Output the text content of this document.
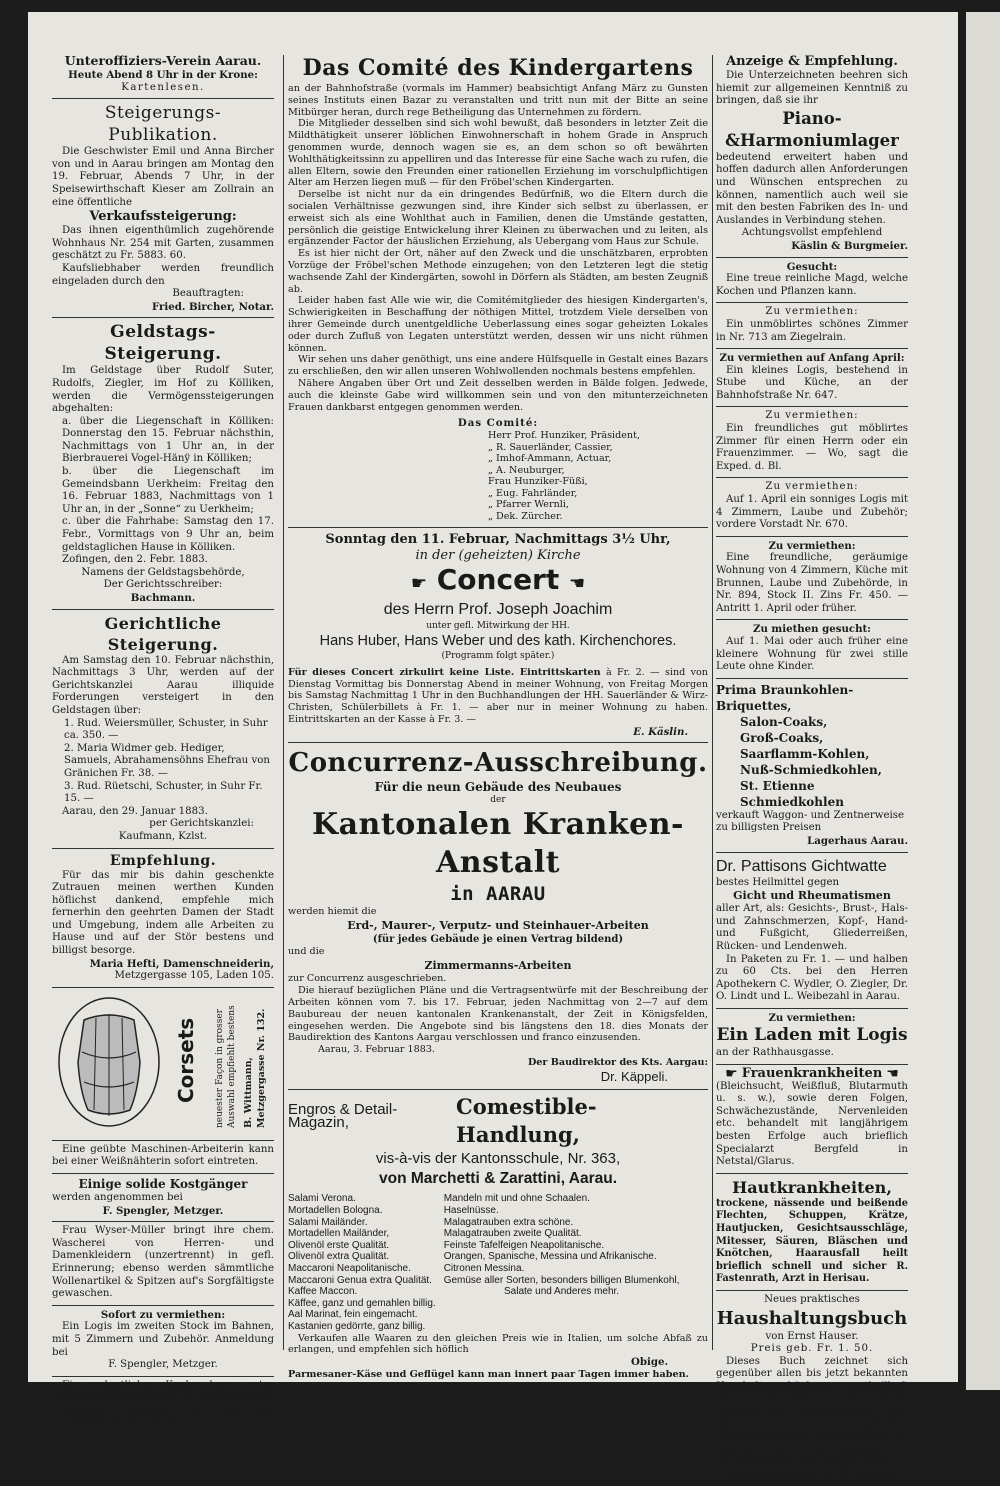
Unteroffiziers-Verein Aarau.
Heute Abend 8 Uhr in der Krone:
Kartenlesen.
Steigerungs-Publikation.

Die Geschwister Emil und Anna Bircher von und in Aarau bringen am Montag den 19. Februar, Abends 7 Uhr, in der Speisewirthschaft Kieser am Zollrain an eine öffentliche

Verkaufssteigerung:

Das ihnen eigenthümlich zugehörende Wohnhaus Nr. 254 mit Garten, zusammen geschätzt zu Fr. 5883. 60.

Kaufsliebhaber werden freundlich eingeladen durch den

Beauftragten:
Fried. Bircher, Notar.
Geldstags-Steigerung.

Im Geldstage über Rudolf Suter, Rudolfs, Ziegler, im Hof zu Kölliken, werden die Vermögenssteigerungen abgehalten:

a. über die Liegenschaft in Kölliken: Donnerstag den 15. Februar nächsthin, Nachmittags von 1 Uhr an, in der Bierbrauerei Vogel-Hänÿ in Kölliken;

b. über die Liegenschaft im Gemeindsbann Uerkheim: Freitag den 16. Februar 1883, Nachmittags von 1 Uhr an, in der „Sonne“ zu Uerkheim;

c. über die Fahrhabe: Samstag den 17. Febr., Vormittags von 9 Uhr an, beim geldstaglichen Hause in Kölliken.

Zofingen, den 2. Febr. 1883.
Namens der Geldstagsbehörde,
Der Gerichtsschreiber:
Bachmann.
Gerichtliche Steigerung.

Am Samstag den 10. Februar nächsthin, Nachmittags 3 Uhr, werden auf der Gerichtskanzlei Aarau illiquide Forderungen versteigert in den Geldstagen über:

1. Rud. Weiersmüller, Schuster, in Suhr ca. 350. —

2. Maria Widmer geb. Hediger, Samuels, Abrahamensöhns Ehefrau von Gränichen Fr. 38. —

3. Rud. Rüetschi, Schuster, in Suhr Fr. 15. —

Aarau, den 29. Januar 1883.
per Gerichtskanzlei:
Kaufmann, Kzlst.
Empfehlung.

Für das mir bis dahin geschenkte Zutrauen meinen werthen Kunden höflichst dankend, empfehle mich fernerhin den geehrten Damen der Stadt und Umgebung, indem alle Arbeiten zu Hause und auf der Stör bestens und billigst besorge.

Maria Hefti, Damenschneiderin,
Metzgergasse 105, Laden 105.
Corsets	neuester Façon in grosser Auswahl empfiehlt bestens B. Wittmann, Metzgergasse Nr. 132.

Eine geübte Maschinen-Arbeiterin kann bei einer Weißnähterin sofort eintreten.

Einige solide Kostgänger
werden angenommen bei
F. Spengler, Metzger.

Frau Wyser-Müller bringt ihre chem. Wascherei von Herren- und Damenkleidern (unzertrennt) in gefl. Erinnerung; ebenso werden sämmtliche Wollenartikel & Spitzen auf's Sorgfältigste gewaschen.

Sofort zu vermiethen:

Ein Logis im zweiten Stock im Bahnen, mit 5 Zimmern und Zubehör. Anmeldung bei

F. Spengler, Metzger.

Ein ordentlicher Knabe kann unter günstigen Bedingungen die Schuhmacher-Profession erlernen. Wo, sagt die Expedition dieses Blattes.

Das Comité des Kindergartens

an der Bahnhofstraße (vormals im Hammer) beabsichtigt Anfang März zu Gunsten seines Instituts einen Bazar zu veranstalten und tritt nun mit der Bitte an seine Mitbürger heran, durch rege Betheiligung das Unternehmen zu fördern.

Die Mitglieder desselben sind sich wohl bewußt, daß besonders in letzter Zeit die Mildthätigkeit unserer löblichen Einwohnerschaft in hohem Grade in Anspruch genommen wurde, dennoch wagen sie es, an dem schon so oft bewährten Wohlthätigkeitssinn zu appelliren und das Interesse für eine Sache wach zu rufen, die allen Eltern, sowie den Freunden einer rationellen Erziehung im vorschulpflichtigen Alter am Herzen liegen muß — für den Fröbel'schen Kindergarten.

Derselbe ist nicht nur da ein dringendes Bedürfniß, wo die Eltern durch die socialen Verhältnisse gezwungen sind, ihre Kinder sich selbst zu überlassen, er erweist sich als eine Wohlthat auch in Familien, denen die Umstände gestatten, persönlich die geistige Entwickelung ihrer Kleinen zu überwachen und zu leiten, als ergänzender Factor der häuslichen Erziehung, als Uebergang vom Haus zur Schule.

Es ist hier nicht der Ort, näher auf den Zweck und die unschätzbaren, erprobten Vorzüge der Fröbel'schen Methode einzugehen; von den Letzteren legt die stetig wachsende Zahl der Kindergärten, sowohl in Dörfern als Städten, am besten Zeugniß ab.

Leider haben fast Alle wie wir, die Comitémitglieder des hiesigen Kindergarten's, Schwierigkeiten in Beschaffung der nöthigen Mittel, trotzdem Viele derselben von ihrer Gemeinde durch unentgeldliche Ueberlassung eines sogar geheizten Lokales oder durch Zufluß von Legaten unterstützt werden, dessen wir uns nicht rühmen können.

Wir sehen uns daher genöthigt, uns eine andere Hülfsquelle in Gestalt eines Bazars zu erschließen, den wir allen unseren Wohlwollenden nochmals bestens empfehlen.

Nähere Angaben über Ort und Zeit desselben werden in Bälde folgen. Jedwede, auch die kleinste Gabe wird willkommen sein und von den mitunterzeichneten Frauen dankbarst entgegen genommen werden.

Das Comité:
Herr Prof. Hunziker, Präsident,
„ R. Sauerländer, Cassier,
„ Imhof-Ammann, Actuar,
„ A. Neuburger,
Frau Hunziker-Füßi,
„ Eug. Fahrländer,
„ Pfarrer Wernli,
„ Dek. Zürcher.
Sonntag den 11. Februar, Nachmittags 3½ Uhr,
in der (geheizten) Kirche
☛ Concert ☚
des Herrn Prof. Joseph Joachim
unter gefl. Mitwirkung der HH.
Hans Huber, Hans Weber und des kath. Kirchenchores.
(Programm folgt später.)

Für dieses Concert zirkulirt keine Liste. Eintrittskarten à Fr. 2. — sind von Dienstag Vormittag bis Donnerstag Abend in meiner Wohnung, von Freitag Morgen bis Samstag Nachmittag 1 Uhr in den Buchhandlungen der HH. Sauerländer & Wirz-Christen, Schülerbillets à Fr. 1. — aber nur in meiner Wohnung zu haben. Eintrittskarten an der Kasse à Fr. 3. —

E. Käslin.
Concurrenz-Ausschreibung.
Für die neun Gebäude des Neubaues
der
Kantonalen Kranken-Anstalt
in AARAU
werden hiemit die
Erd-, Maurer-, Verputz- und Steinhauer-Arbeiten
(für jedes Gebäude je einen Vertrag bildend)
und die
Zimmermanns-Arbeiten
zur Concurrenz ausgeschrieben.

Die hierauf bezüglichen Pläne und die Vertragsentwürfe mit der Beschreibung der Arbeiten können vom 7. bis 17. Februar, jeden Nachmittag von 2—7 auf dem Baubureau der neuen kantonalen Krankenanstalt, der Zeit in Königsfelden, eingesehen werden. Die Angebote sind bis längstens den 18. dies Monats der Baudirektion des Kantons Aargau verschlossen und franco einzusenden.

Aarau, 3. Februar 1883.
Der Baudirektor des Kts. Aargau:
Dr. Käppeli.
Engros & Detail-Magazin,
Comestible-Handlung,
vis-à-vis der Kantonsschule, Nr. 363,
von Marchetti & Zarattini, Aarau.
Salami Verona.
Mortadellen Bologna.
Salami Mailänder.
Mortadellen Mailänder,
Olivenöl erste Qualität.
Olivenöl extra Qualität.
Maccaroni Neapolitanische.
Maccaroni Genua extra Qualität.
Kaffee Maccon.
Käffee, ganz und gemahlen billig.
Aal Marinat, fein eingemacht.
Kastanien gedörrte, ganz billig.
Mandeln mit und ohne Schaalen.
Haselnüsse.
Malagatrauben extra schöne.
Malagatrauben zweite Qualität.
Feinste Tafelfeigen Neapolitanische.
Orangen, Spanische, Messina und Afrikanische.
Citronen Messina.
Gemüse aller Sorten, besonders billigen Blumenkohl,
Salate und Anderes mehr.

Verkaufen alle Waaren zu den gleichen Preis wie in Italien, um solche Abfaß zu erlangen, und empfehlen sich höflich

Obige.

Parmesaner-Käse und Geflügel kann man innert paar Tagen immer haben.

Anzeige & Empfehlung.

Die Unterzeichneten beehren sich hiemit zur allgemeinen Kenntniß zu bringen, daß sie ihr

Piano-&Harmoniumlager

bedeutend erweitert haben und hoffen dadurch allen Anforderungen und Wünschen entsprechen zu können, namentlich auch weil sie mit den besten Fabriken des In- und Auslandes in Verbindung stehen.

Achtungsvollst empfehlend
Käslin & Burgmeier.
Gesucht:

Eine treue reinliche Magd, welche Kochen und Pflanzen kann.

Zu vermiethen:

Ein unmöblirtes schönes Zimmer in Nr. 713 am Ziegelrain.

Zu vermiethen auf Anfang April:

Ein kleines Logis, bestehend in Stube und Küche, an der Bahnhofstraße Nr. 647.

Zu vermiethen:

Ein freundliches gut möblirtes Zimmer für einen Herrn oder ein Frauenzimmer. — Wo, sagt die Exped. d. Bl.

Zu vermiethen:

Auf 1. April ein sonniges Logis mit 4 Zimmern, Laube und Zubehör; vordere Vorstadt Nr. 670.

Zu vermiethen:

Eine freundliche, geräumige Wohnung von 4 Zimmern, Küche mit Brunnen, Laube und Zubehörde, in Nr. 894, Stock II. Zins Fr. 450. — Antritt 1. April oder früher.

Zu miethen gesucht:

Auf 1. Mai oder auch früher eine kleinere Wohnung für zwei stille Leute ohne Kinder.

Prima Braunkohlen-Briquettes,
Salon-Coaks,
Groß-Coaks,
Saarflamm-Kohlen,
Nuß-Schmiedkohlen,
St. Etienne Schmiedkohlen

verkauft Waggon- und Zentnerweise zu billigsten Preisen

Lagerhaus Aarau.
Dr. Pattisons Gichtwatte
bestes Heilmittel gegen
Gicht und Rheumatismen

aller Art, als: Gesichts-, Brust-, Hals- und Zahnschmerzen, Kopf-, Hand- und Fußgicht, Gliederreißen, Rücken- und Lendenweh.

In Paketen zu Fr. 1. — und halben zu 60 Cts. bei den Herren Apothekern C. Wydler, O. Ziegler, Dr. O. Lindt und L. Weibezahl in Aarau.

Zu vermiethen:
Ein Laden mit Logis
an der Rathhausgasse.
☛ Frauenkrankheiten ☚

(Bleichsucht, Weißfluß, Blutarmuth u. s. w.), sowie deren Folgen, Schwächezustände, Nervenleiden etc. behandelt mit langjährigem besten Erfolge auch brieflich Specialarzt Bergfeld in Netstal/Glarus.

Hautkrankheiten,

trockene, nässende und beißende Flechten, Schuppen, Krätze, Hautjucken, Gesichtsausschläge, Mitesser, Säuren, Bläschen und Knötchen, Haarausfall heilt brieflich schnell und sicher R. Fastenrath, Arzt in Herisau.

Neues praktisches
Haushaltungsbuch
von Ernst Hauser.
Preis geb. Fr. 1. 50.

Dieses Buch zeichnet sich gegenüber allen bis jetzt bekannten Haushaltungsbüchern vortheilhaft aus durch seine neue, höchst einfache und übersichtliche Form, durch die hiedurch herbeigeführte außerordentliche Erleichterung im Gebrauch, durch Vollständigkeit der Rechnungstitel und billigste Preis.

Zu beziehen bei F. G. Martin.
